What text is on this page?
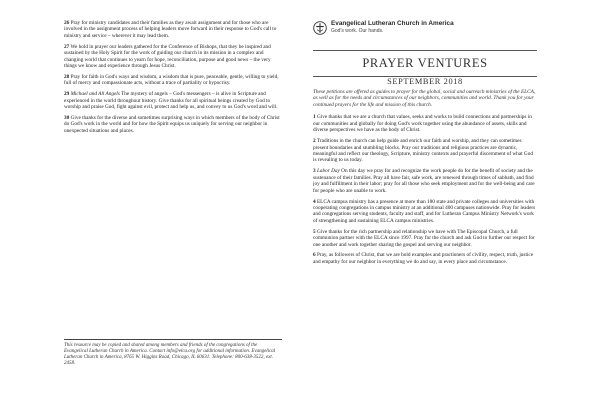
26 Pray for ministry candidates and their families as they await assignment and for those who are involved in the assignment process of helping leaders move forward in their response to God's call to ministry and service – wherever it may lead them.

27 We hold in prayer our leaders gathered for the Conference of Bishops, that they be inspired and sustained by the Holy Spirit for the work of guiding our church in its mission in a complex and changing world that continues to yearn for hope, reconciliation, purpose and good news – the very things we know and experience through Jesus Christ.

28 Pray for faith in God's ways and wisdom, a wisdom that is pure, peaceable, gentle, willing to yield, full of mercy and compassionate acts, without a trace of partiality or hypocrisy.

29 Michael and All Angels The mystery of angels – God's messengers – is alive in Scripture and experienced in the world throughout history. Give thanks for all spiritual beings created by God to worship and praise God, fight against evil, protect and help us, and convey to us God's word and will.

30 Give thanks for the diverse and sometimes surprising ways in which members of the body of Christ do God's work in the world and for how the Spirit equips us uniquely for serving our neighbor in unexpected situations and places.

This resource may be copied and shared among members and friends of the congregations of the Evangelical Lutheran Church in America. Contact info@elca.org for additional information. Evangelical Lutheran Church in America, 8765 W. Higgins Road, Chicago, IL 60631. Telephone: 800-638-3522, ext. 2458.

Evangelical Lutheran Church in America
God's work. Our hands.
PRAYER VENTURES
SEPTEMBER 2018

These petitions are offered as guides to prayer for the global, social and outreach ministries of the ELCA, as well as for the needs and circumstances of our neighbors, communities and world. Thank you for your continued prayers for the life and mission of this church.

1 Give thanks that we are a church that values, seeks and works to build connections and partnerships in our communities and globally for doing God's work together using the abundance of assets, skills and diverse perspectives we have as the body of Christ.

2 Traditions in the church can help guide and enrich our faith and worship, and they can sometimes present boundaries and stumbling blocks. Pray our traditions and religious practices are dynamic, meaningful and reflect our theology, Scripture, ministry contexts and prayerful discernment of what God is revealing to us today.

3 Labor Day On this day we pray for and recognize the work people do for the benefit of society and the sustenance of their families. Pray all have fair, safe work, are renewed through times of sabbath, and find joy and fulfillment in their labor; pray for all those who seek employment and for the well-being and care for people who are unable to work.

4 ELCA campus ministry has a presence at more than 180 state and private colleges and universities with cooperating congregations in campus ministry at an additional 400 campuses nationwide. Pray for leaders and congregations serving students, faculty and staff, and for Lutheran Campus Ministry Network's work of strengthening and sustaining ELCA campus ministries.

5 Give thanks for the rich partnership and relationship we have with The Episcopal Church, a full communion partner with the ELCA since 1997. Pray for the church and ask God to further our respect for one another and work together sharing the gospel and serving our neighbor.

6 Pray, as followers of Christ, that we are bold examples and practioners of civility, respect, truth, justice and empathy for our neighbor in everything we do and say, in every place and circumstance.
